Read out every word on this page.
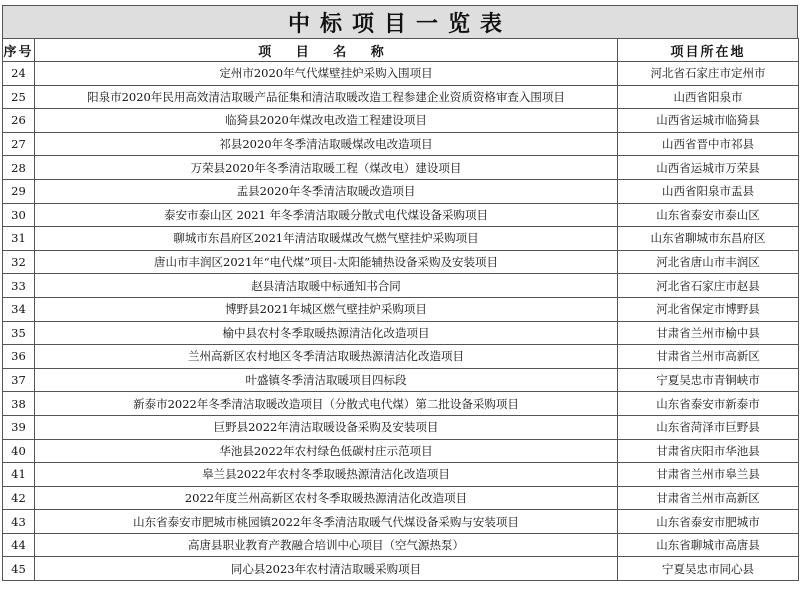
中标项目一览表
序号	项 目 名 称	项目所在地
24	定州市2020年气代煤壁挂炉采购入围项目	河北省石家庄市定州市
25	阳泉市2020年民用高效清洁取暖产品征集和清洁取暖改造工程参建企业资质资格审查入围项目	山西省阳泉市
26	临猗县2020年煤改电改造工程建设项目	山西省运城市临猗县
27	祁县2020年冬季清洁取暖煤改电改造项目	山西省晋中市祁县
28	万荣县2020年冬季清洁取暖工程（煤改电）建设项目	山西省运城市万荣县
29	盂县2020年冬季清洁取暖改造项目	山西省阳泉市盂县
30	泰安市泰山区 2021 年冬季清洁取暖分散式电代煤设备采购项目	山东省泰安市泰山区
31	聊城市东昌府区2021年清洁取暖煤改气燃气壁挂炉采购项目	山东省聊城市东昌府区
32	唐山市丰润区2021年“电代煤”项目-太阳能辅热设备采购及安装项目	河北省唐山市丰润区
33	赵县清洁取暖中标通知书合同	河北省石家庄市赵县
34	博野县2021年城区燃气壁挂炉采购项目	河北省保定市博野县
35	榆中县农村冬季取暖热源清洁化改造项目	甘肃省兰州市榆中县
36	兰州高新区农村地区冬季清洁取暖热源清洁化改造项目	甘肃省兰州市高新区
37	叶盛镇冬季清洁取暖项目四标段	宁夏吴忠市青铜峡市
38	新泰市2022年冬季清洁取暖改造项目（分散式电代煤）第二批设备采购项目	山东省泰安市新泰市
39	巨野县2022年清洁取暖设备采购及安装项目	山东省菏泽市巨野县
40	华池县2022年农村绿色低碳村庄示范项目	甘肃省庆阳市华池县
41	皋兰县2022年农村冬季取暖热源清洁化改造项目	甘肃省兰州市皋兰县
42	2022年度兰州高新区农村冬季取暖热源清洁化改造项目	甘肃省兰州市高新区
43	山东省泰安市肥城市桃园镇2022年冬季清洁取暖气代煤设备采购与安装项目	山东省泰安市肥城市
44	高唐县职业教育产教融合培训中心项目（空气源热泵）	山东省聊城市高唐县
45	同心县2023年农村清洁取暖采购项目	宁夏吴忠市同心县
